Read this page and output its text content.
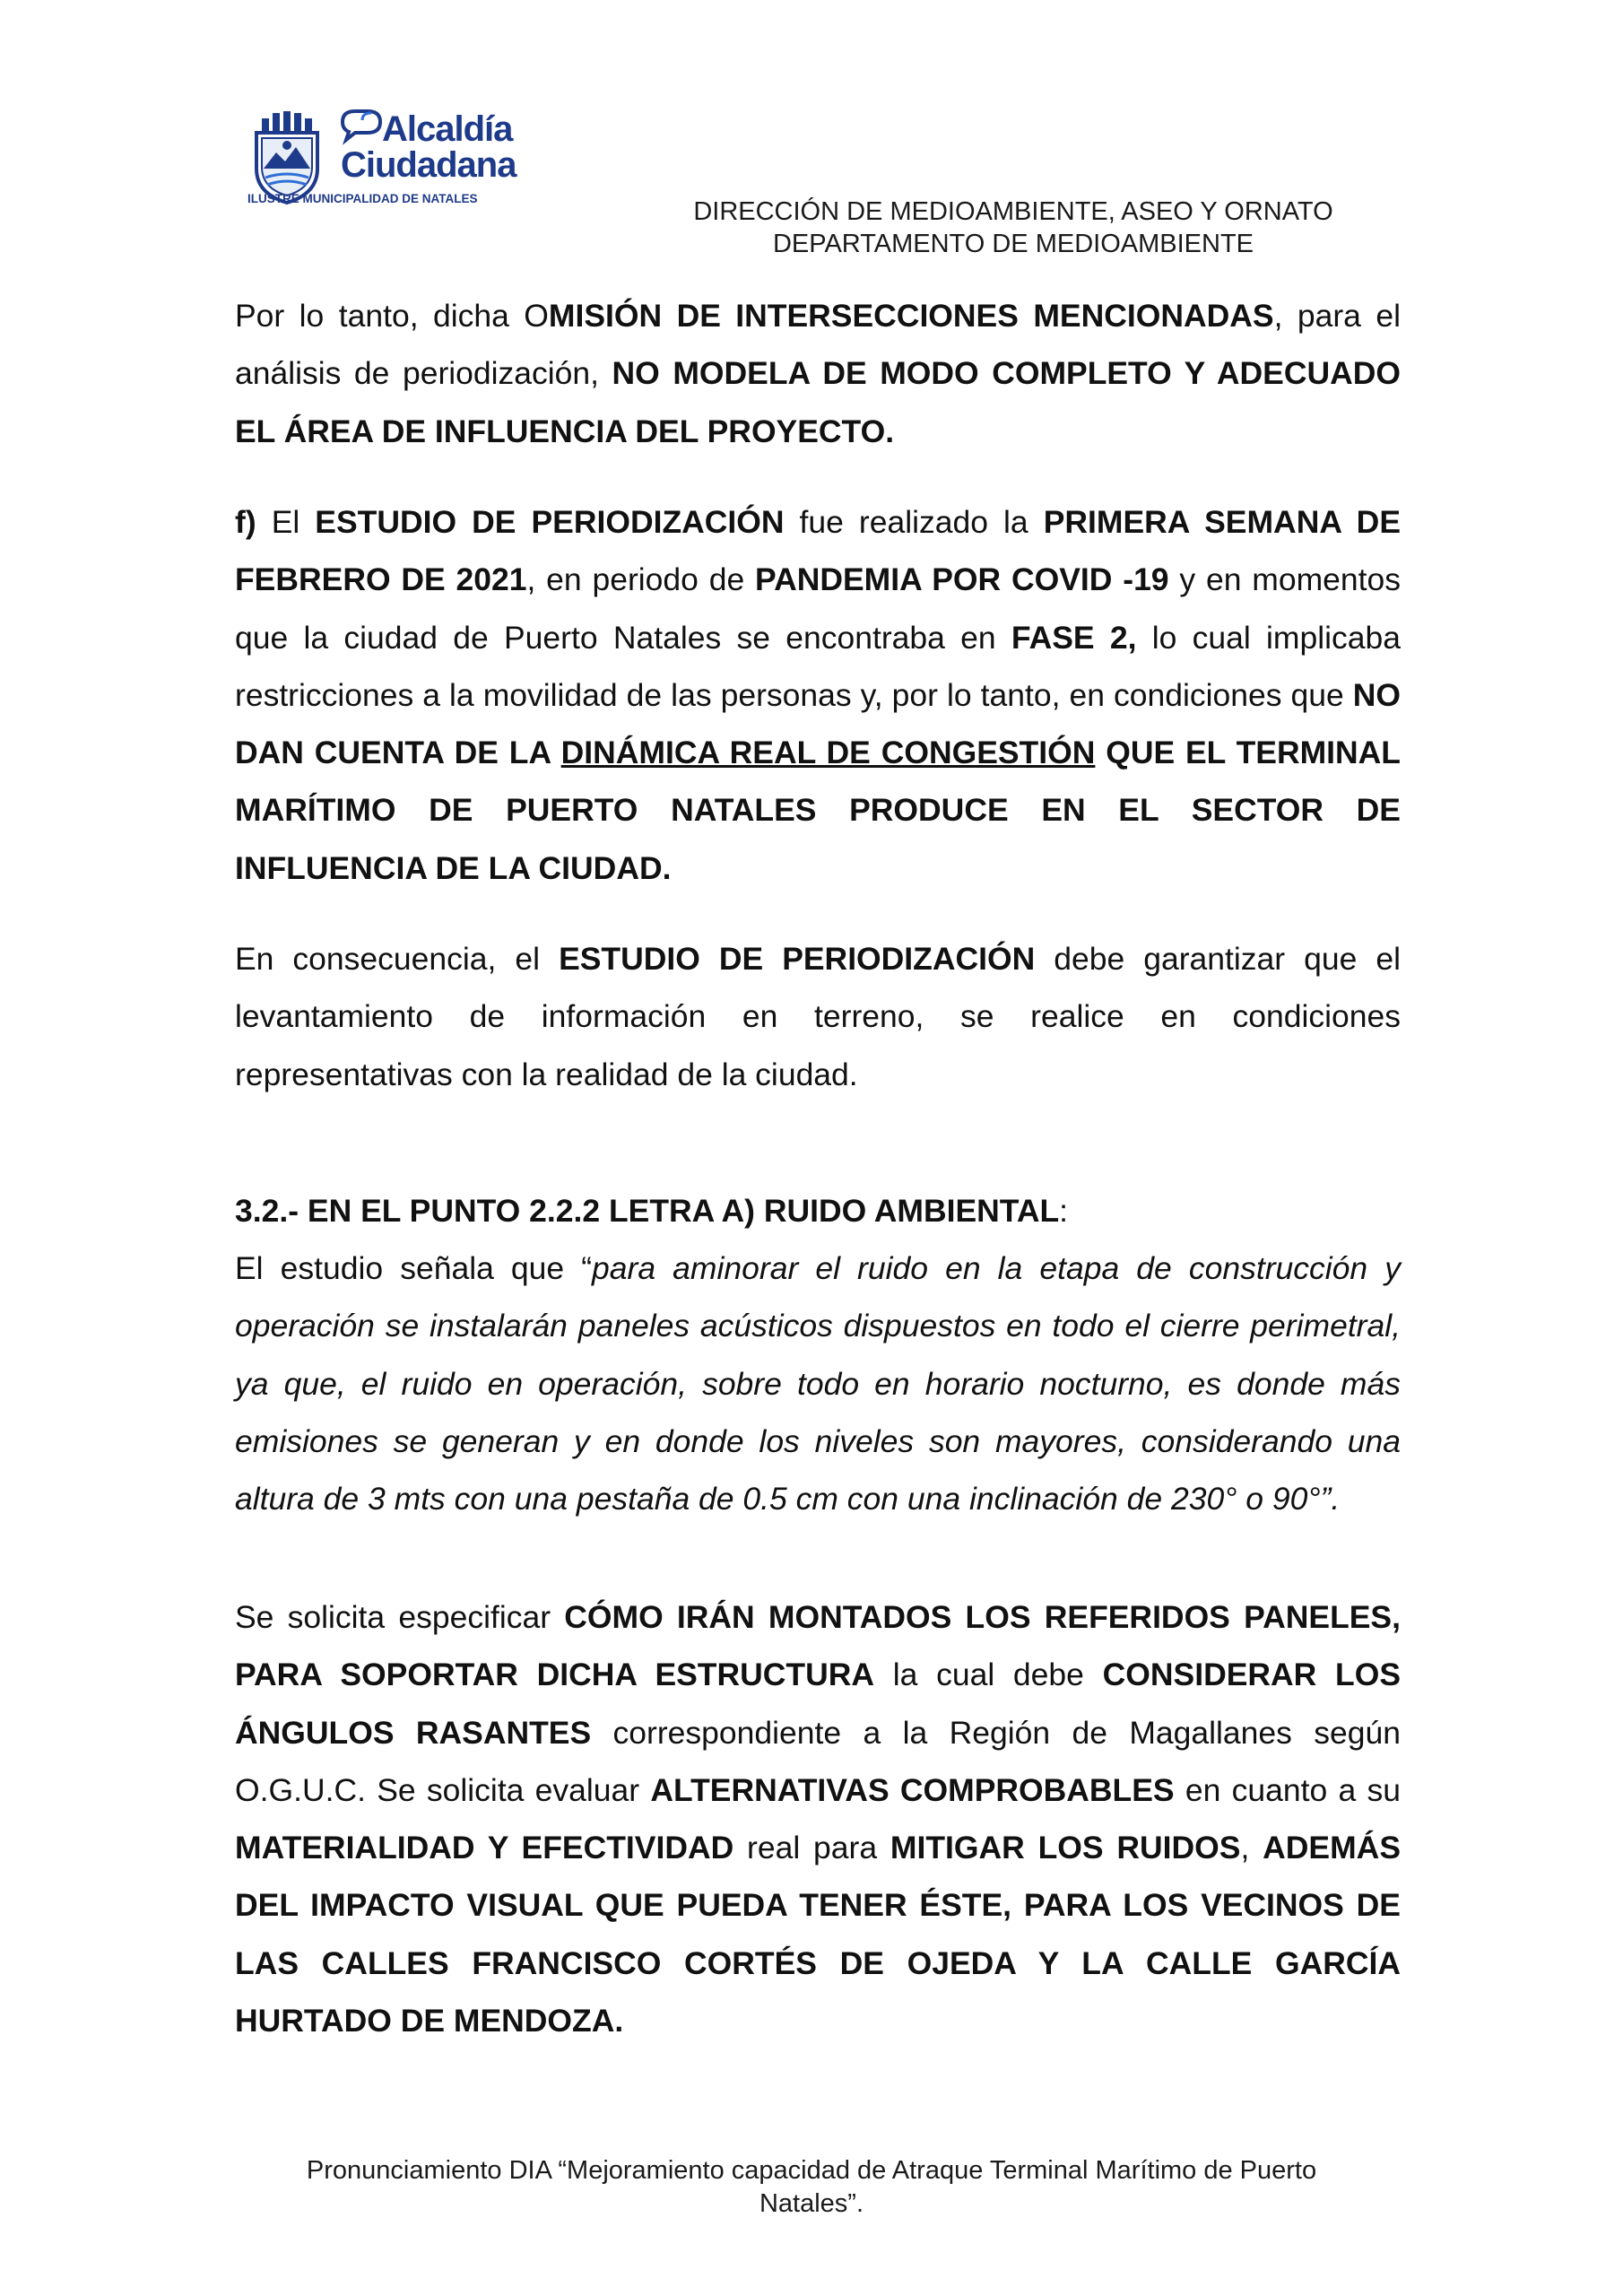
Alcaldía
Ciudadana
ILUSTRE MUNICIPALIDAD DE NATALES	DIRECCIÓN DE MEDIOAMBIENTE, ASEO Y ORNATO
DEPARTAMENTO DE MEDIOAMBIENTE
Por lo tanto, dicha OMISIÓN DE INTERSECCIONES MENCIONADAS, para el análisis de periodización, NO MODELA DE MODO COMPLETO Y ADECUADO EL ÁREA DE INFLUENCIA DEL PROYECTO.
f) El ESTUDIO DE PERIODIZACIÓN fue realizado la PRIMERA SEMANA DE FEBRERO DE 2021, en periodo de PANDEMIA POR COVID -19 y en momentos que la ciudad de Puerto Natales se encontraba en FASE 2, lo cual implicaba restricciones a la movilidad de las personas y, por lo tanto, en condiciones que NO DAN CUENTA DE LA DINÁMICA REAL DE CONGESTIÓN QUE EL TERMINAL MARÍTIMO DE PUERTO NATALES PRODUCE EN EL SECTOR DE INFLUENCIA DE LA CIUDAD.
En consecuencia, el ESTUDIO DE PERIODIZACIÓN debe garantizar que el levantamiento de información en terreno, se realice en condiciones representativas con la realidad de la ciudad.
3.2.- EN EL PUNTO 2.2.2 LETRA A) RUIDO AMBIENTAL:
El estudio señala que “para aminorar el ruido en la etapa de construcción y operación se instalarán paneles acústicos dispuestos en todo el cierre perimetral, ya que, el ruido en operación, sobre todo en horario nocturno, es donde más emisiones se generan y en donde los niveles son mayores, considerando una altura de 3 mts con una pestaña de 0.5 cm con una inclinación de 230° o 90°”.
Se solicita especificar CÓMO IRÁN MONTADOS LOS REFERIDOS PANELES, PARA SOPORTAR DICHA ESTRUCTURA la cual debe CONSIDERAR LOS ÁNGULOS RASANTES correspondiente a la Región de Magallanes según O.G.U.C. Se solicita evaluar ALTERNATIVAS COMPROBABLES en cuanto a su MATERIALIDAD Y EFECTIVIDAD real para MITIGAR LOS RUIDOS, ADEMÁS DEL IMPACTO VISUAL QUE PUEDA TENER ÉSTE, PARA LOS VECINOS DE LAS CALLES FRANCISCO CORTÉS DE OJEDA Y LA CALLE GARCÍA HURTADO DE MENDOZA.
Pronunciamiento DIA “Mejoramiento capacidad de Atraque Terminal Marítimo de Puerto Natales”.
